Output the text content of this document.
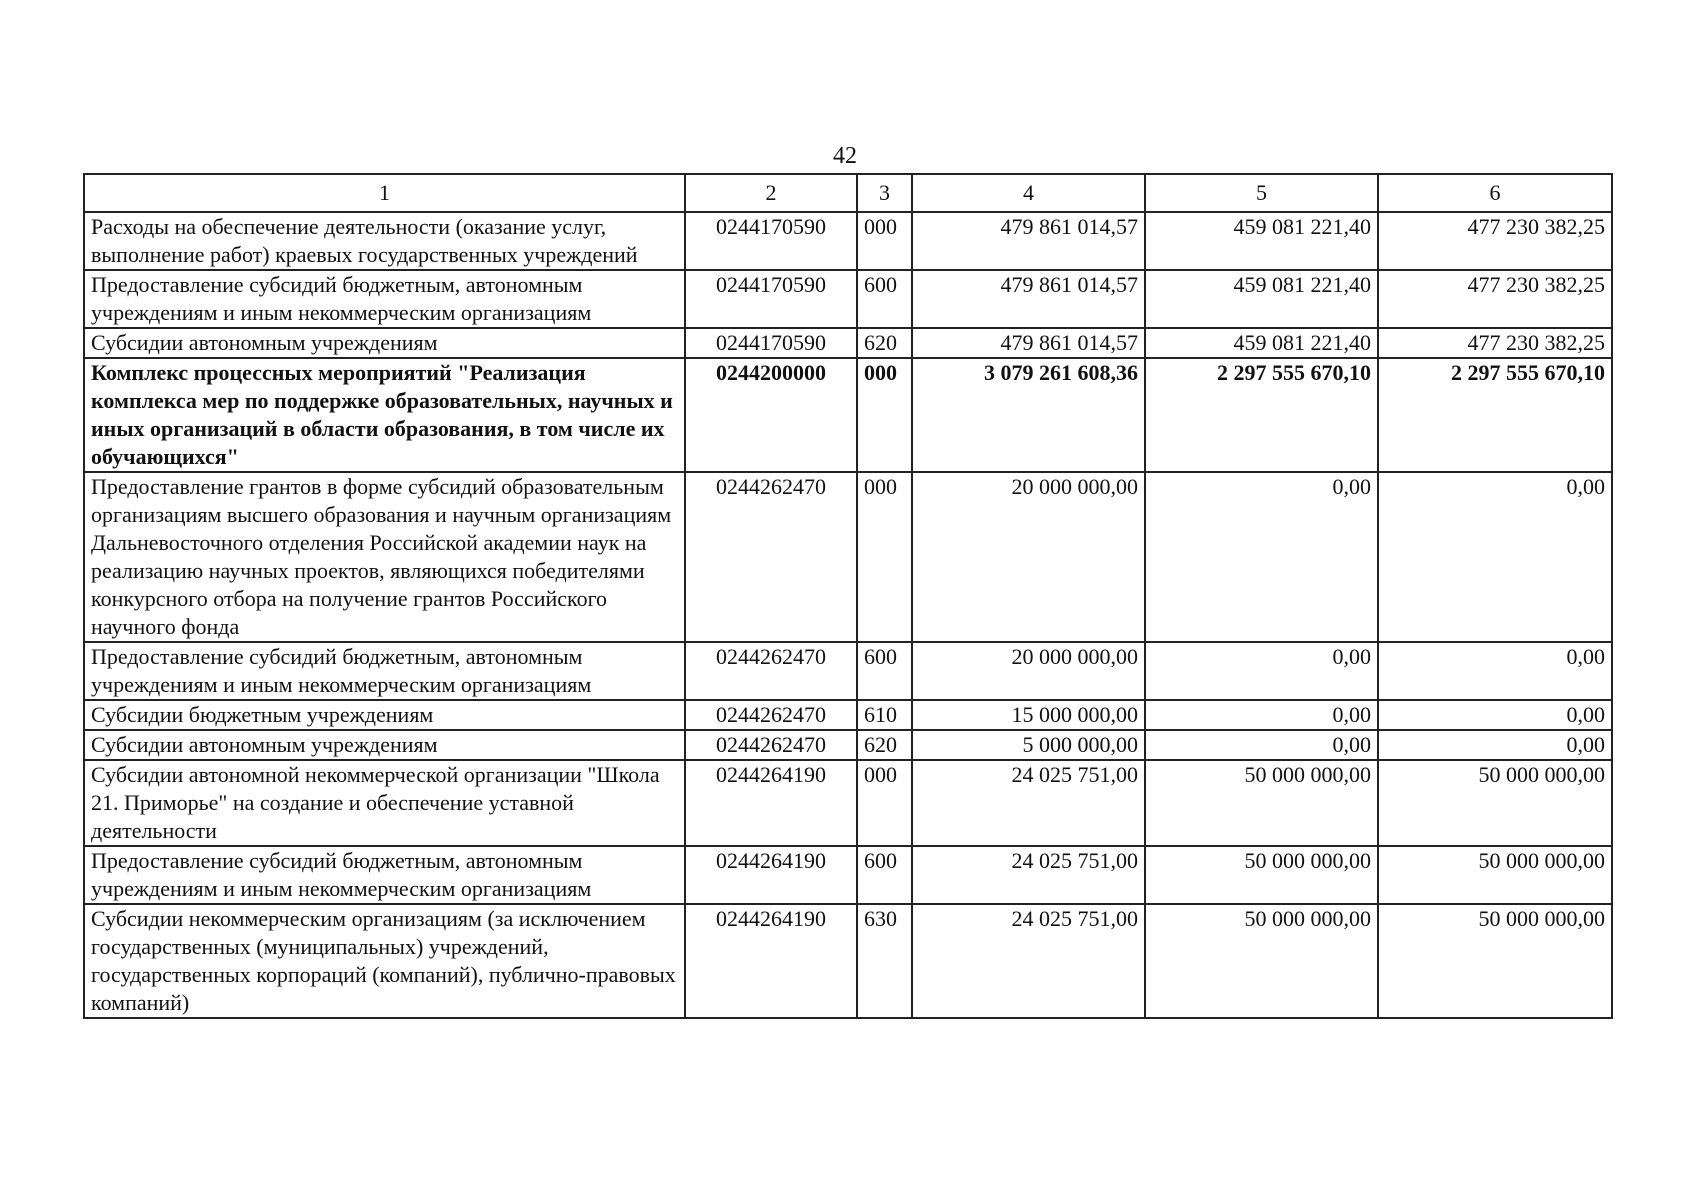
42
1	2	3	4	5	6
Расходы на обеспечение деятельности (оказание услуг, выполнение работ) краевых государственных учреждений	0244170590	000	479 861 014,57	459 081 221,40	477 230 382,25
Предоставление субсидий бюджетным, автономным учреждениям и иным некоммерческим организациям	0244170590	600	479 861 014,57	459 081 221,40	477 230 382,25
Субсидии автономным учреждениям	0244170590	620	479 861 014,57	459 081 221,40	477 230 382,25
Комплекс процессных мероприятий "Реализация комплекса мер по поддержке образовательных, научных и иных организаций в области образования, в том числе их обучающихся"	0244200000	000	3 079 261 608,36	2 297 555 670,10	2 297 555 670,10
Предоставление грантов в форме субсидий образовательным организациям высшего образования и научным организациям Дальневосточного отделения Российской академии наук на реализацию научных проектов, являющихся победителями конкурсного отбора на получение грантов Российского научного фонда	0244262470	000	20 000 000,00	0,00	0,00
Предоставление субсидий бюджетным, автономным учреждениям и иным некоммерческим организациям	0244262470	600	20 000 000,00	0,00	0,00
Субсидии бюджетным учреждениям	0244262470	610	15 000 000,00	0,00	0,00
Субсидии автономным учреждениям	0244262470	620	5 000 000,00	0,00	0,00
Субсидии автономной некоммерческой организации "Школа 21. Приморье" на создание и обеспечение уставной деятельности	0244264190	000	24 025 751,00	50 000 000,00	50 000 000,00
Предоставление субсидий бюджетным, автономным учреждениям и иным некоммерческим организациям	0244264190	600	24 025 751,00	50 000 000,00	50 000 000,00
Субсидии некоммерческим организациям (за исключением государственных (муниципальных) учреждений, государственных корпораций (компаний), публично-правовых компаний)	0244264190	630	24 025 751,00	50 000 000,00	50 000 000,00
